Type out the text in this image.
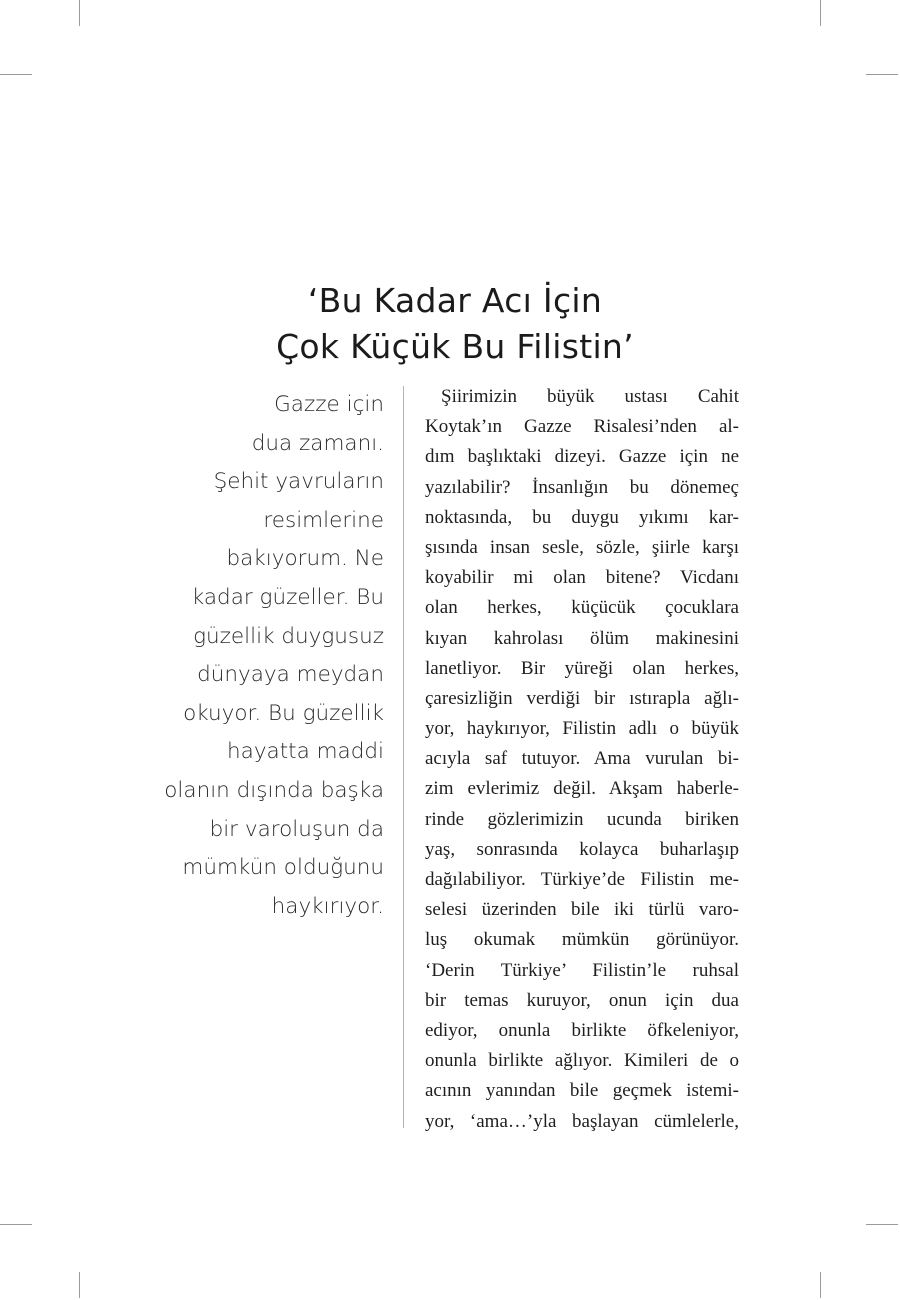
‘Bu Kadar Acı İçin
Çok Küçük Bu Filistin’
Gazze için
dua zamanı.
Şehit yavruların
resimlerine
bakıyorum. Ne
kadar güzeller. Bu
güzellik duygusuz
dünyaya meydan
okuyor. Bu güzellik
hayatta maddi
olanın dışında başka
bir varoluşun da
mümkün olduğunu
haykırıyor.
Şiirimizin büyük ustası Cahit
Koytak’ın Gazze Risalesi’nden al-
dım başlıktaki dizeyi. Gazze için ne
yazılabilir? İnsanlığın bu dönemeç
noktasında, bu duygu yıkımı kar-
şısında insan sesle, sözle, şiirle karşı
koyabilir mi olan bitene? Vicdanı
olan herkes, küçücük çocuklara
kıyan kahrolası ölüm makinesini
lanetliyor. Bir yüreği olan herkes,
çaresizliğin verdiği bir ıstırapla ağlı-
yor, haykırıyor, Filistin adlı o büyük
acıyla saf tutuyor. Ama vurulan bi-
zim evlerimiz değil. Akşam haberle-
rinde gözlerimizin ucunda biriken
yaş, sonrasında kolayca buharlaşıp
dağılabiliyor. Türkiye’de Filistin me-
selesi üzerinden bile iki türlü varo-
luş okumak mümkün görünüyor.
‘Derin Türkiye’ Filistin’le ruhsal
bir temas kuruyor, onun için dua
ediyor, onunla birlikte öfkeleniyor,
onunla birlikte ağlıyor. Kimileri de o
acının yanından bile geçmek istemi-
yor, ‘ama…’yla başlayan cümlelerle,
